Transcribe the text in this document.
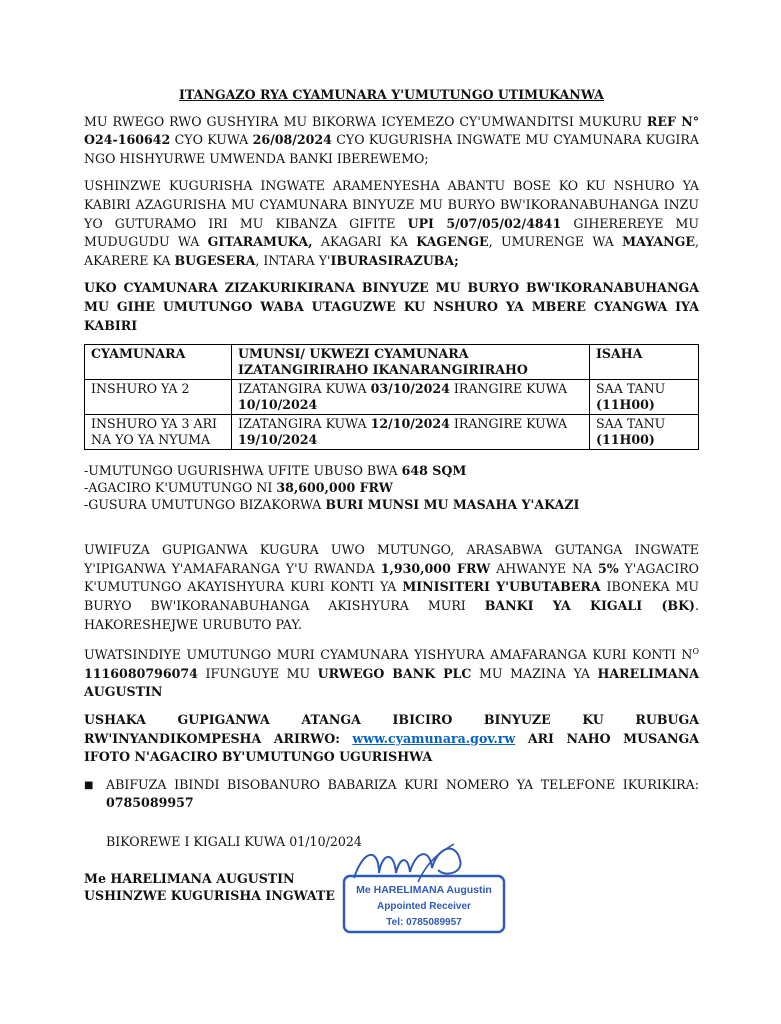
ITANGAZO RYA CYAMUNARA Y'UMUTUNGO UTIMUKANWA

MU RWEGO RWO GUSHYIRA MU BIKORWA ICYEMEZO CY'UMWANDITSI MUKURU REF N° O24-160642 CYO KUWA 26/08/2024 CYO KUGURISHA INGWATE MU CYAMUNARA KUGIRA NGO HISHYURWE UMWENDA BANKI IBEREWEMO;

USHINZWE KUGURISHA INGWATE ARAMENYESHA ABANTU BOSE KO KU NSHURO YA KABIRI AZAGURISHA MU CYAMUNARA BINYUZE MU BURYO BW'IKORANABUHANGA INZU YO GUTURAMO IRI MU KIBANZA GIFITE UPI 5/07/05/02/4841 GIHEREREYE MU MUDUGUDU WA GITARAMUKA, AKAGARI KA KAGENGE, UMURENGE WA MAYANGE, AKARERE KA BUGESERA, INTARA Y'IBURASIRAZUBA;

UKO CYAMUNARA ZIZAKURIKIRANA BINYUZE MU BURYO BW'IKORANABUHANGA MU GIHE UMUTUNGO WABA UTAGUZWE KU NSHURO YA MBERE CYANGWA IYA KABIRI

CYAMUNARA	UMUNSI/ UKWEZI CYAMUNARA IZATANGIRIRAHO IKANARANGIRIRAHO	ISAHA
INSHURO YA 2	IZATANGIRA KUWA 03/10/2024 IRANGIRE KUWA 10/10/2024	SAA TANU
(11H00)
INSHURO YA 3 ARI NA YO YA NYUMA	IZATANGIRA KUWA 12/10/2024 IRANGIRE KUWA 19/10/2024	SAA TANU
(11H00)
-UMUTUNGO UGURISHWA UFITE UBUSO BWA 648 SQM
-AGACIRO K'UMUTUNGO NI 38,600,000 FRW
-GUSURA UMUTUNGO BIZAKORWA BURI MUNSI MU MASAHA Y'AKAZI

UWIFUZA GUPIGANWA KUGURA UWO MUTUNGO, ARASABWA GUTANGA INGWATE Y'IPIGANWA Y'AMAFARANGA Y'U RWANDA 1,930,000 FRW AHWANYE NA 5% Y'AGACIRO K'UMUTUNGO AKAYISHYURA KURI KONTI YA MINISITERI Y'UBUTABERA IBONEKA MU BURYO BW'IKORANABUHANGA AKISHYURA MURI BANKI YA KIGALI (BK). HAKORESHEJWE URUBUTO PAY.

UWATSINDIYE UMUTUNGO MURI CYAMUNARA YISHYURA AMAFARANGA KURI KONTI $N^O$ 1116080796074 IFUNGUYE MU URWEGO BANK PLC MU MAZINA YA HARELIMANA AUGUSTIN

USHAKA GUPIGANWA ATANGA IBICIRO BINYUZE KU RUBUGA RW'INYANDIKOMPESHA ARIRWO: www.cyamunara.gov.rw ARI NAHO MUSANGA IFOTO N'AGACIRO BY'UMUTUNGO UGURISHWA

■ ABIFUZA IBINDI BISOBANURO BABARIZA KURI NOMERO YA TELEFONE IKURIKIRA: 0785089957
BIKOREWE I KIGALI KUWA 01/10/2024
Me HARELIMANA AUGUSTIN
USHINZWE KUGURISHA INGWATE	Me HARELIMANA Augustin
Appointed Receiver
Tel: 0785089957
